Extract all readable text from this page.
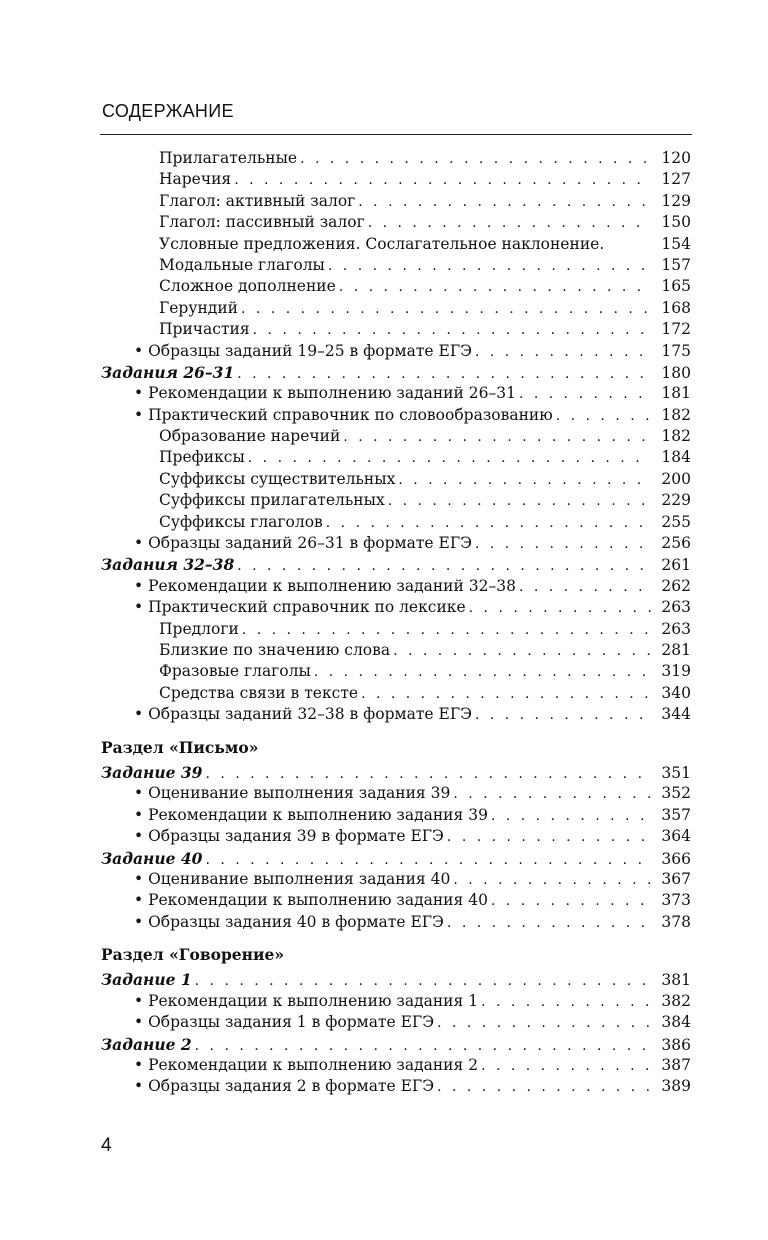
СОДЕРЖАНИЕ
Прилагательные . . .	120
Наречия . . .	127
Глагол: активный залог . . .	129
Глагол: пассивный залог . . .	150
Условные предложения. Сослагательное наклонение.	154
Модальные глаголы . . .	157
Сложное дополнение . . .	165
Герундий . . .	168
Причастия . . .	172
• Образцы заданий 19–25 в формате ЕГЭ . . .	175
Задания 26–31 . . .	180
• Рекомендации к выполнению заданий 26–31 . . .	181
• Практический справочник по словообразованию . . .	182
Образование наречий . . .	182
Префиксы . . .	184
Суффиксы существительных . . .	200
Суффиксы прилагательных . . .	229
Суффиксы глаголов . . .	255
• Образцы заданий 26–31 в формате ЕГЭ . . .	256
Задания 32–38 . . .	261
• Рекомендации к выполнению заданий 32–38 . . .	262
• Практический справочник по лексике . . .	263
Предлоги . . .	263
Близкие по значению слова . . .	281
Фразовые глаголы . . .	319
Средства связи в тексте . . .	340
• Образцы заданий 32–38 в формате ЕГЭ . . .	344
Раздел «Письмо»
Задание 39 . . .	351
• Оценивание выполнения задания 39 . . .	352
• Рекомендации к выполнению задания 39 . . .	357
• Образцы задания 39 в формате ЕГЭ . . .	364
Задание 40 . . .	366
• Оценивание выполнения задания 40 . . .	367
• Рекомендации к выполнению задания 40 . . .	373
• Образцы задания 40 в формате ЕГЭ . . .	378
Раздел «Говорение»
Задание 1 . . .	381
• Рекомендации к выполнению задания 1 . . .	382
• Образцы задания 1 в формате ЕГЭ . . .	384
Задание 2 . . .	386
• Рекомендации к выполнению задания 2 . . .	387
• Образцы задания 2 в формате ЕГЭ . . .	389
4
